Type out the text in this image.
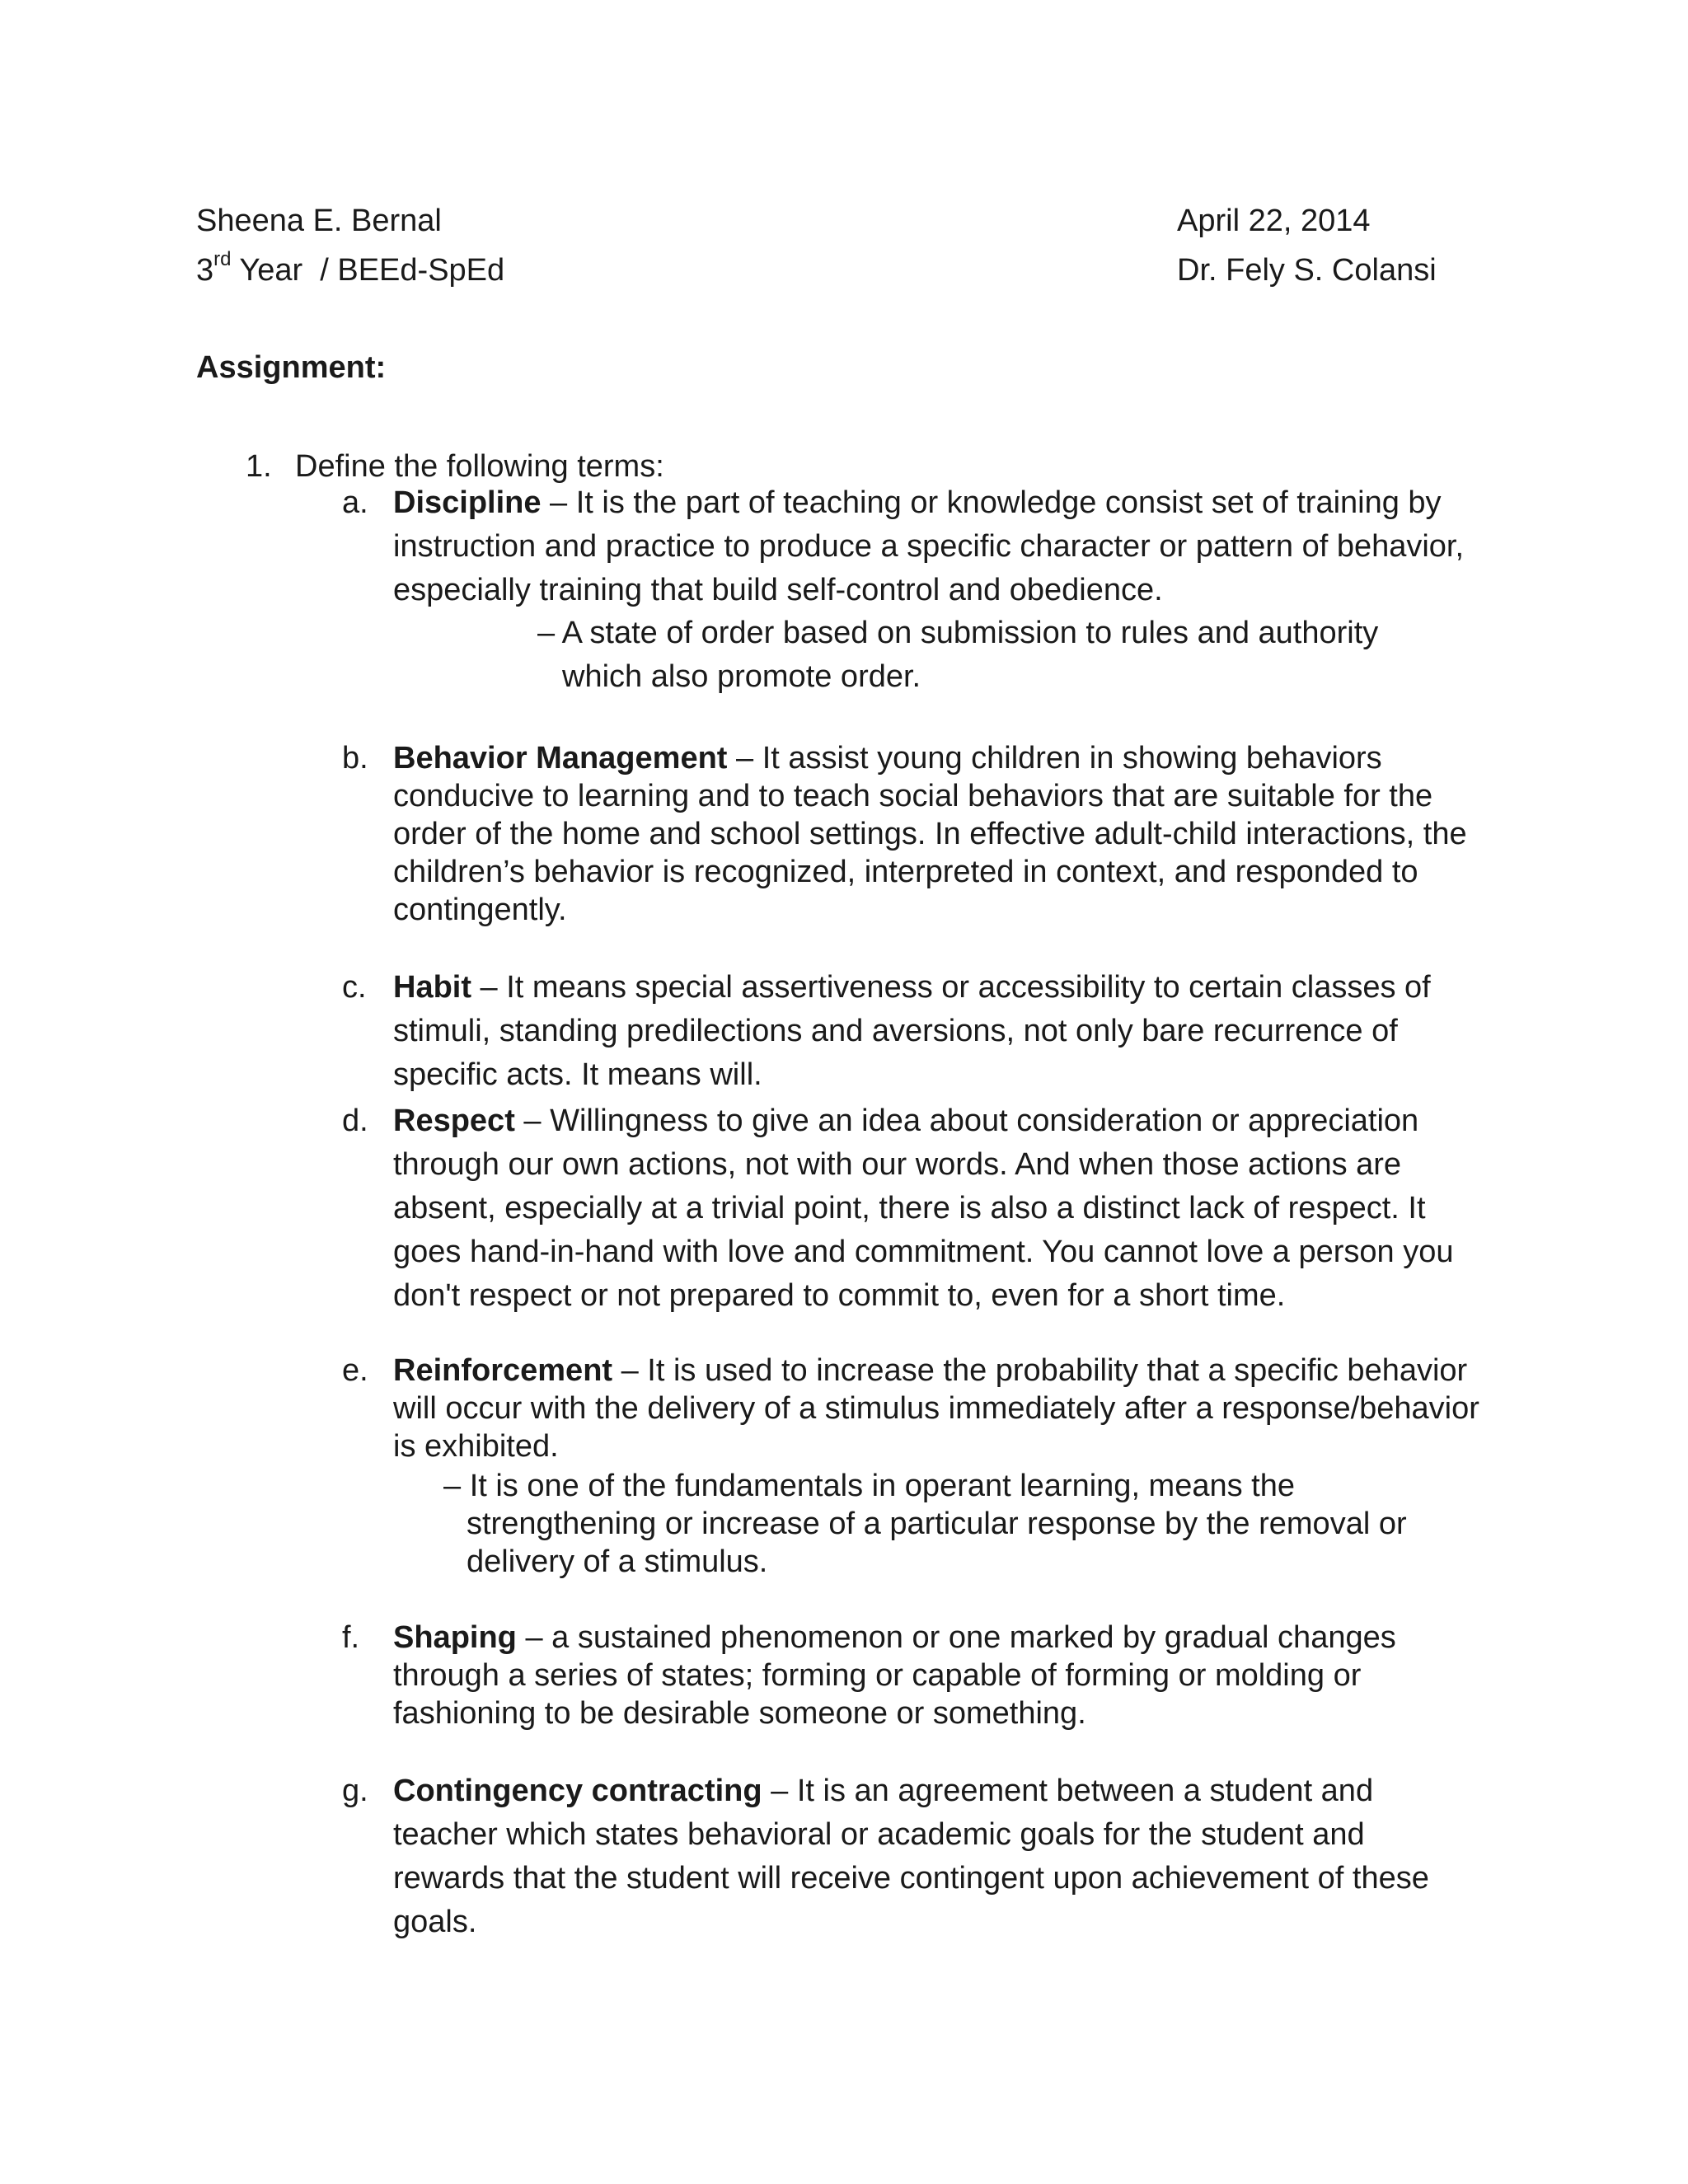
Sheena E. Bernal	April 22, 2014
3rd Year  / BEEd-SpEd	Dr. Fely S. Colansi
Assignment:
1. Define the following terms:
a. Discipline – It is the part of teaching or knowledge consist set of training by instruction and practice to produce a specific character or pattern of behavior, especially training that build self-control and obedience.
– A state of order based on submission to rules and authority which also promote order.
b. Behavior Management – It assist young children in showing behaviors conducive to learning and to teach social behaviors that are suitable for the order of the home and school settings. In effective adult-child interactions, the children’s behavior is recognized, interpreted in context, and responded to contingently.
c. Habit – It means special assertiveness or accessibility to certain classes of stimuli, standing predilections and aversions, not only bare recurrence of specific acts. It means will.
d. Respect – Willingness to give an idea about consideration or appreciation through our own actions, not with our words. And when those actions are absent, especially at a trivial point, there is also a distinct lack of respect. It goes hand-in-hand with love and commitment. You cannot love a person you don't respect or not prepared to commit to, even for a short time.
e. Reinforcement – It is used to increase the probability that a specific behavior will occur with the delivery of a stimulus immediately after a response/behavior is exhibited.
– It is one of the fundamentals in operant learning, means the strengthening or increase of a particular response by the removal or delivery of a stimulus.
f. Shaping – a sustained phenomenon or one marked by gradual changes through a series of states; forming or capable of forming or molding or fashioning to be desirable someone or something.
g. Contingency contracting – It is an agreement between a student and teacher which states behavioral or academic goals for the student and rewards that the student will receive contingent upon achievement of these goals.
